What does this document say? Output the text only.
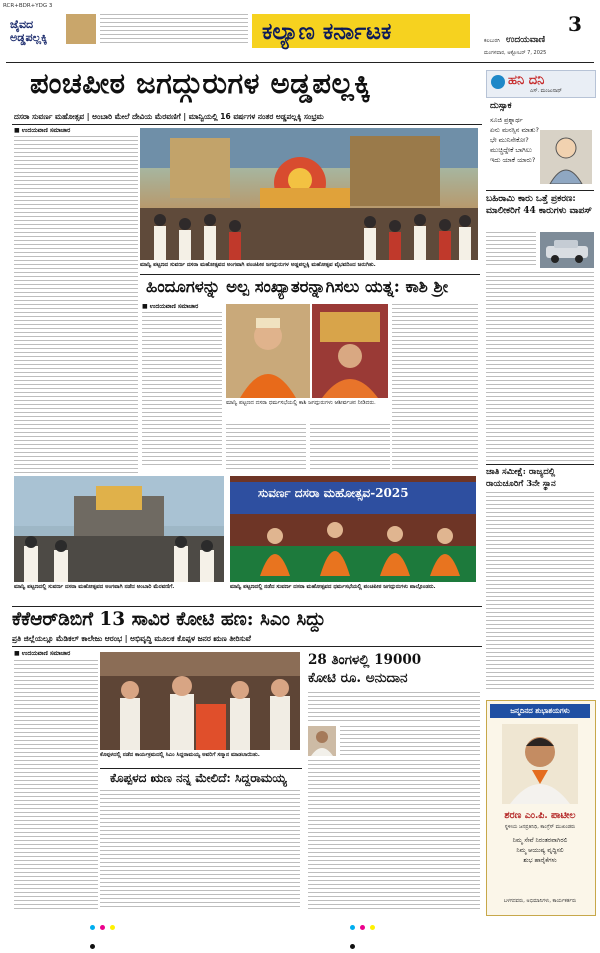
RCR+BDR+YDG 3
ಜೈವದ ಅಡ್ಡಪಲ್ಲಕ್ಕಿ	ಕಲ್ಯಾಣ ಕರ್ನಾಟಕ	3
ಕಲಬುರಗಿ ಉದಯವಾಣಿ
ಮಂಗಳವಾರ, ಅಕ್ಟೋಬರ್ 7, 2025
ಪಂಚಪೀಠ ಜಗದ್ಗುರುಗಳ ಅಡ್ಡಪಲ್ಲಕ್ಕಿ
ದಸರಾ ಸುವರ್ಣ ಮಹೋತ್ಸವ | ಅಂಬಾರಿ ಮೇಲೆ ದೇವಿಯ ಮೆರವಣಿಗೆ | ಮಾನ್ವಿಯಲ್ಲಿ 16 ವರ್ಷಗಳ ನಂತರ ಅಡ್ಡಪಲ್ಲಕ್ಕಿ ಸಂಭ್ರಮ
■ ಉದಯವಾಣಿ ಸಮಾಚಾರ
ಮಾನ್ವಿ ಪಟ್ಟಣದ ಸುವರ್ಣ ದಸರಾ ಮಹೋತ್ಸವದ ಅಂಗವಾಗಿ ಪಂಚಪೀಠ ಜಗದ್ಗುರುಗಳ ಅಡ್ಡಪಲ್ಲಕ್ಕಿ ಮಹೋತ್ಸವ ವೈಭವದಿಂದ ಜರುಗಿತು.
ಹಿಂದೂಗಳನ್ನು ಅಲ್ಪ ಸಂಖ್ಯಾತರನ್ನಾಗಿಸಲು ಯತ್ನ: ಕಾಶಿ ಶ್ರೀ
■ ಉದಯವಾಣಿ ಸಮಾಚಾರ
ಮಾನ್ವಿ ಪಟ್ಟಣದ ದಸರಾ ಧರ್ಮಸಭೆಯಲ್ಲಿ ಕಾಶಿ ಜಗದ್ಗುರುಗಳು ಆಶೀರ್ವಚನ ನೀಡಿದರು.
ಹನಿ ದನಿ
ಎಸ್. ಮಂಜುನಾಥ್
ದುಸ್ಸಾಕ
ಸೂಜಿ ಪ್ರಶ್ನಾರ್ಥ
ಏನು ಮನಸ್ಸಿನ ಮಾತು?
ಭೇ ಮುನಿಸೇಕೋ?
ಮುಚ್ಚಿದ್ದೇಕೆ ಬಾಗಿಲು
ಇದು ಯಾಕೆ ಯಾರು?
ಬಹಿರಾಮಿ ಕಾರು ಒತ್ತೆ ಪ್ರಕರಣ: ಮಾಲೀಕರಿಗೆ 44 ಕಾರುಗಳು ವಾಪಸ್
ಜಾತಿ ಸಮೀಕ್ಷೆ: ರಾಜ್ಯದಲ್ಲಿ ರಾಯಚೂರಿಗೆ 3ನೇ ಸ್ಥಾನ
ಮಾನ್ವಿ ಪಟ್ಟಣದಲ್ಲಿ ಸುವರ್ಣ ದಸರಾ ಮಹೋತ್ಸವದ ಅಂಗವಾಗಿ ನಡೆದ ಅಂಬಾರಿ ಮೆರವಣಿಗೆ.
ಸುವರ್ಣ ದಸರಾ ಮಹೋತ್ಸವ-2025
ಮಾನ್ವಿ ಪಟ್ಟಣದಲ್ಲಿ ನಡೆದ ಸುವರ್ಣ ದಸರಾ ಮಹೋತ್ಸವದ ಧರ್ಮಸಭೆಯಲ್ಲಿ ಪಂಚಪೀಠ ಜಗದ್ಗುರುಗಳು ಪಾಲ್ಗೊಂಡರು.
ಕೆಕೆಆರ್‌ಡಿಬಿಗೆ 13 ಸಾವಿರ ಕೋಟಿ ಹಣ: ಸಿಎಂ ಸಿದ್ದು
ಪ್ರತಿ ಜಿಲ್ಲೆಯಲ್ಲೂ ಮೆಡಿಕಲ್ ಕಾಲೇಜು ಆರಂಭ | ಅಭಿವೃದ್ಧಿ ಮೂಲಕ ಕೊಪ್ಪಳ ಜನರ ಋಣ ತೀರಿಸುವೆ
■ ಉದಯವಾಣಿ ಸಮಾಚಾರ
ಕೊಪ್ಪಳದಲ್ಲಿ ನಡೆದ ಕಾರ್ಯಕ್ರಮದಲ್ಲಿ ಸಿಎಂ ಸಿದ್ದರಾಮಯ್ಯ ಅವರಿಗೆ ಸನ್ಮಾನ ಮಾಡಲಾಯಿತು.
ಕೊಪ್ಪಳದ ಋಣ ನನ್ನ ಮೇಲಿದೆ: ಸಿದ್ದರಾಮಯ್ಯ
28 ತಿಂಗಳಲ್ಲಿ 19000
ಕೋಟಿ ರೂ. ಅನುದಾನ
ಜನ್ಮದಿನದ ಶುಭಾಶಯಗಳು
ಶರಣ ಎಂ.ಪಿ. ಪಾಟೀಲ
ಸ್ಥಳೀಯ ಜನಪ್ರತಿನಿಧಿ, ಕಾಂಗ್ರೆಸ್ ಮುಖಂಡರು
ನಿಮ್ಮ ಸೇವೆ ನಿರಂತರವಾಗಿರಲಿ
ನಿಮ್ಮ ಆಯುಷ್ಯ ವೃದ್ಧಿಸಲಿ
ಶುಭ ಹಾರೈಕೆಗಳು
ಬಳಗದವರು, ಅಭಿಮಾನಿಗಳು, ಕಾರ್ಯಕರ್ತರು
